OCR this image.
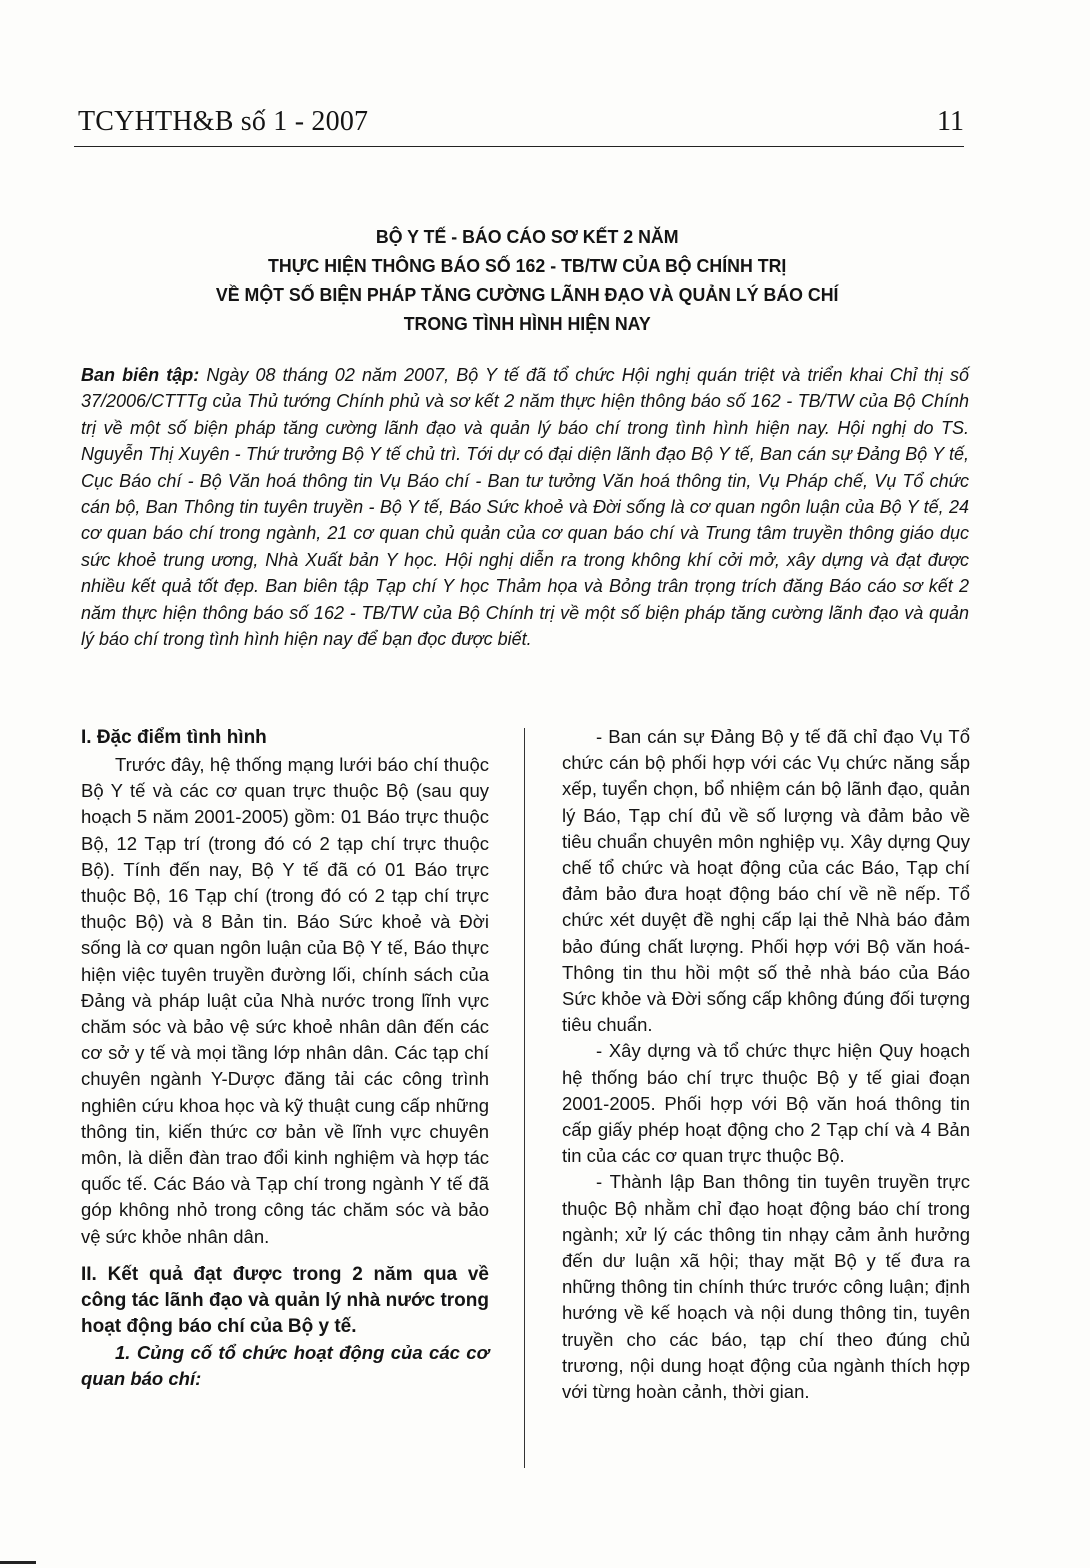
TCYHTH&B số 1 - 2007	11
BỘ Y TẾ - BÁO CÁO SƠ KẾT 2 NĂM
THỰC HIỆN THÔNG BÁO SỐ 162 - TB/TW CỦA BỘ CHÍNH TRỊ
VỀ MỘT SỐ BIỆN PHÁP TĂNG CƯỜNG LÃNH ĐẠO VÀ QUẢN LÝ BÁO CHÍ
TRONG TÌNH HÌNH HIỆN NAY
Ban biên tập: Ngày 08 tháng 02 năm 2007, Bộ Y tế đã tổ chức Hội nghị quán triệt và triển khai Chỉ thị số 37/2006/CTTTg của Thủ tướng Chính phủ và sơ kết 2 năm thực hiện thông báo số 162 - TB/TW của Bộ Chính trị về một số biện pháp tăng cường lãnh đạo và quản lý báo chí trong tình hình hiện nay. Hội nghị do TS. Nguyễn Thị Xuyên - Thứ trưởng Bộ Y tế chủ trì. Tới dự có đại diện lãnh đạo Bộ Y tế, Ban cán sự Đảng Bộ Y tế, Cục Báo chí - Bộ Văn hoá thông tin Vụ Báo chí - Ban tư tưởng Văn hoá thông tin, Vụ Pháp chế, Vụ Tổ chức cán bộ, Ban Thông tin tuyên truyền - Bộ Y tế, Báo Sức khoẻ và Đời sống là cơ quan ngôn luận của Bộ Y tế, 24 cơ quan báo chí trong ngành, 21 cơ quan chủ quản của cơ quan báo chí và Trung tâm truyền thông giáo dục sức khoẻ trung ương, Nhà Xuất bản Y học. Hội nghị diễn ra trong không khí cởi mở, xây dựng và đạt được nhiều kết quả tốt đẹp. Ban biên tập Tạp chí Y học Thảm họa và Bỏng trân trọng trích đăng Báo cáo sơ kết 2 năm thực hiện thông báo số 162 - TB/TW của Bộ Chính trị về một số biện pháp tăng cường lãnh đạo và quản lý báo chí trong tình hình hiện nay để bạn đọc được biết.
I. Đặc điểm tình hình

Trước đây, hệ thống mạng lưới báo chí thuộc Bộ Y tế và các cơ quan trực thuộc Bộ (sau quy hoạch 5 năm 2001-2005) gồm: 01 Báo trực thuộc Bộ, 12 Tạp trí (trong đó có 2 tạp chí trực thuộc Bộ). Tính đến nay, Bộ Y tế đã có 01 Báo trực thuộc Bộ, 16 Tạp chí (trong đó có 2 tạp chí trực thuộc Bộ) và 8 Bản tin. Báo Sức khoẻ và Đời sống là cơ quan ngôn luận của Bộ Y tế, Báo thực hiện việc tuyên truyền đường lối, chính sách của Đảng và pháp luật của Nhà nước trong lĩnh vực chăm sóc và bảo vệ sức khoẻ nhân dân đến các cơ sở y tế và mọi tầng lớp nhân dân. Các tạp chí chuyên ngành Y-Dược đăng tải các công trình nghiên cứu khoa học và kỹ thuật cung cấp những thông tin, kiến thức cơ bản về lĩnh vực chuyên môn, là diễn đàn trao đổi kinh nghiệm và hợp tác quốc tế. Các Báo và Tạp chí trong ngành Y tế đã góp không nhỏ trong công tác chăm sóc và bảo vệ sức khỏe nhân dân.

II. Kết quả đạt được trong 2 năm qua về công tác lãnh đạo và quản lý nhà nước trong hoạt động báo chí của Bộ y tế.
1. Củng cố tổ chức hoạt động của các cơ quan báo chí:

- Ban cán sự Đảng Bộ y tế đã chỉ đạo Vụ Tổ chức cán bộ phối hợp với các Vụ chức năng sắp xếp, tuyển chọn, bổ nhiệm cán bộ lãnh đạo, quản lý Báo, Tạp chí đủ về số lượng và đảm bảo về tiêu chuẩn chuyên môn nghiệp vụ. Xây dựng Quy chế tổ chức và hoạt động của các Báo, Tạp chí đảm bảo đưa hoạt động báo chí về nề nếp. Tổ chức xét duyệt đề nghị cấp lại thẻ Nhà báo đảm bảo đúng chất lượng. Phối hợp với Bộ văn hoá-Thông tin thu hồi một số thẻ nhà báo của Báo Sức khỏe và Đời sống cấp không đúng đối tượng tiêu chuẩn.

- Xây dựng và tổ chức thực hiện Quy hoạch hệ thống báo chí trực thuộc Bộ y tế giai đoạn 2001-2005. Phối hợp với Bộ văn hoá thông tin cấp giấy phép hoạt động cho 2 Tạp chí và 4 Bản tin của các cơ quan trực thuộc Bộ.

- Thành lập Ban thông tin tuyên truyền trực thuộc Bộ nhằm chỉ đạo hoạt động báo chí trong ngành; xử lý các thông tin nhạy cảm ảnh hưởng đến dư luận xã hội; thay mặt Bộ y tế đưa ra những thông tin chính thức trước công luận; định hướng về kế hoạch và nội dung thông tin, tuyên truyền cho các báo, tạp chí theo đúng chủ trương, nội dung hoạt động của ngành thích hợp với từng hoàn cảnh, thời gian.
